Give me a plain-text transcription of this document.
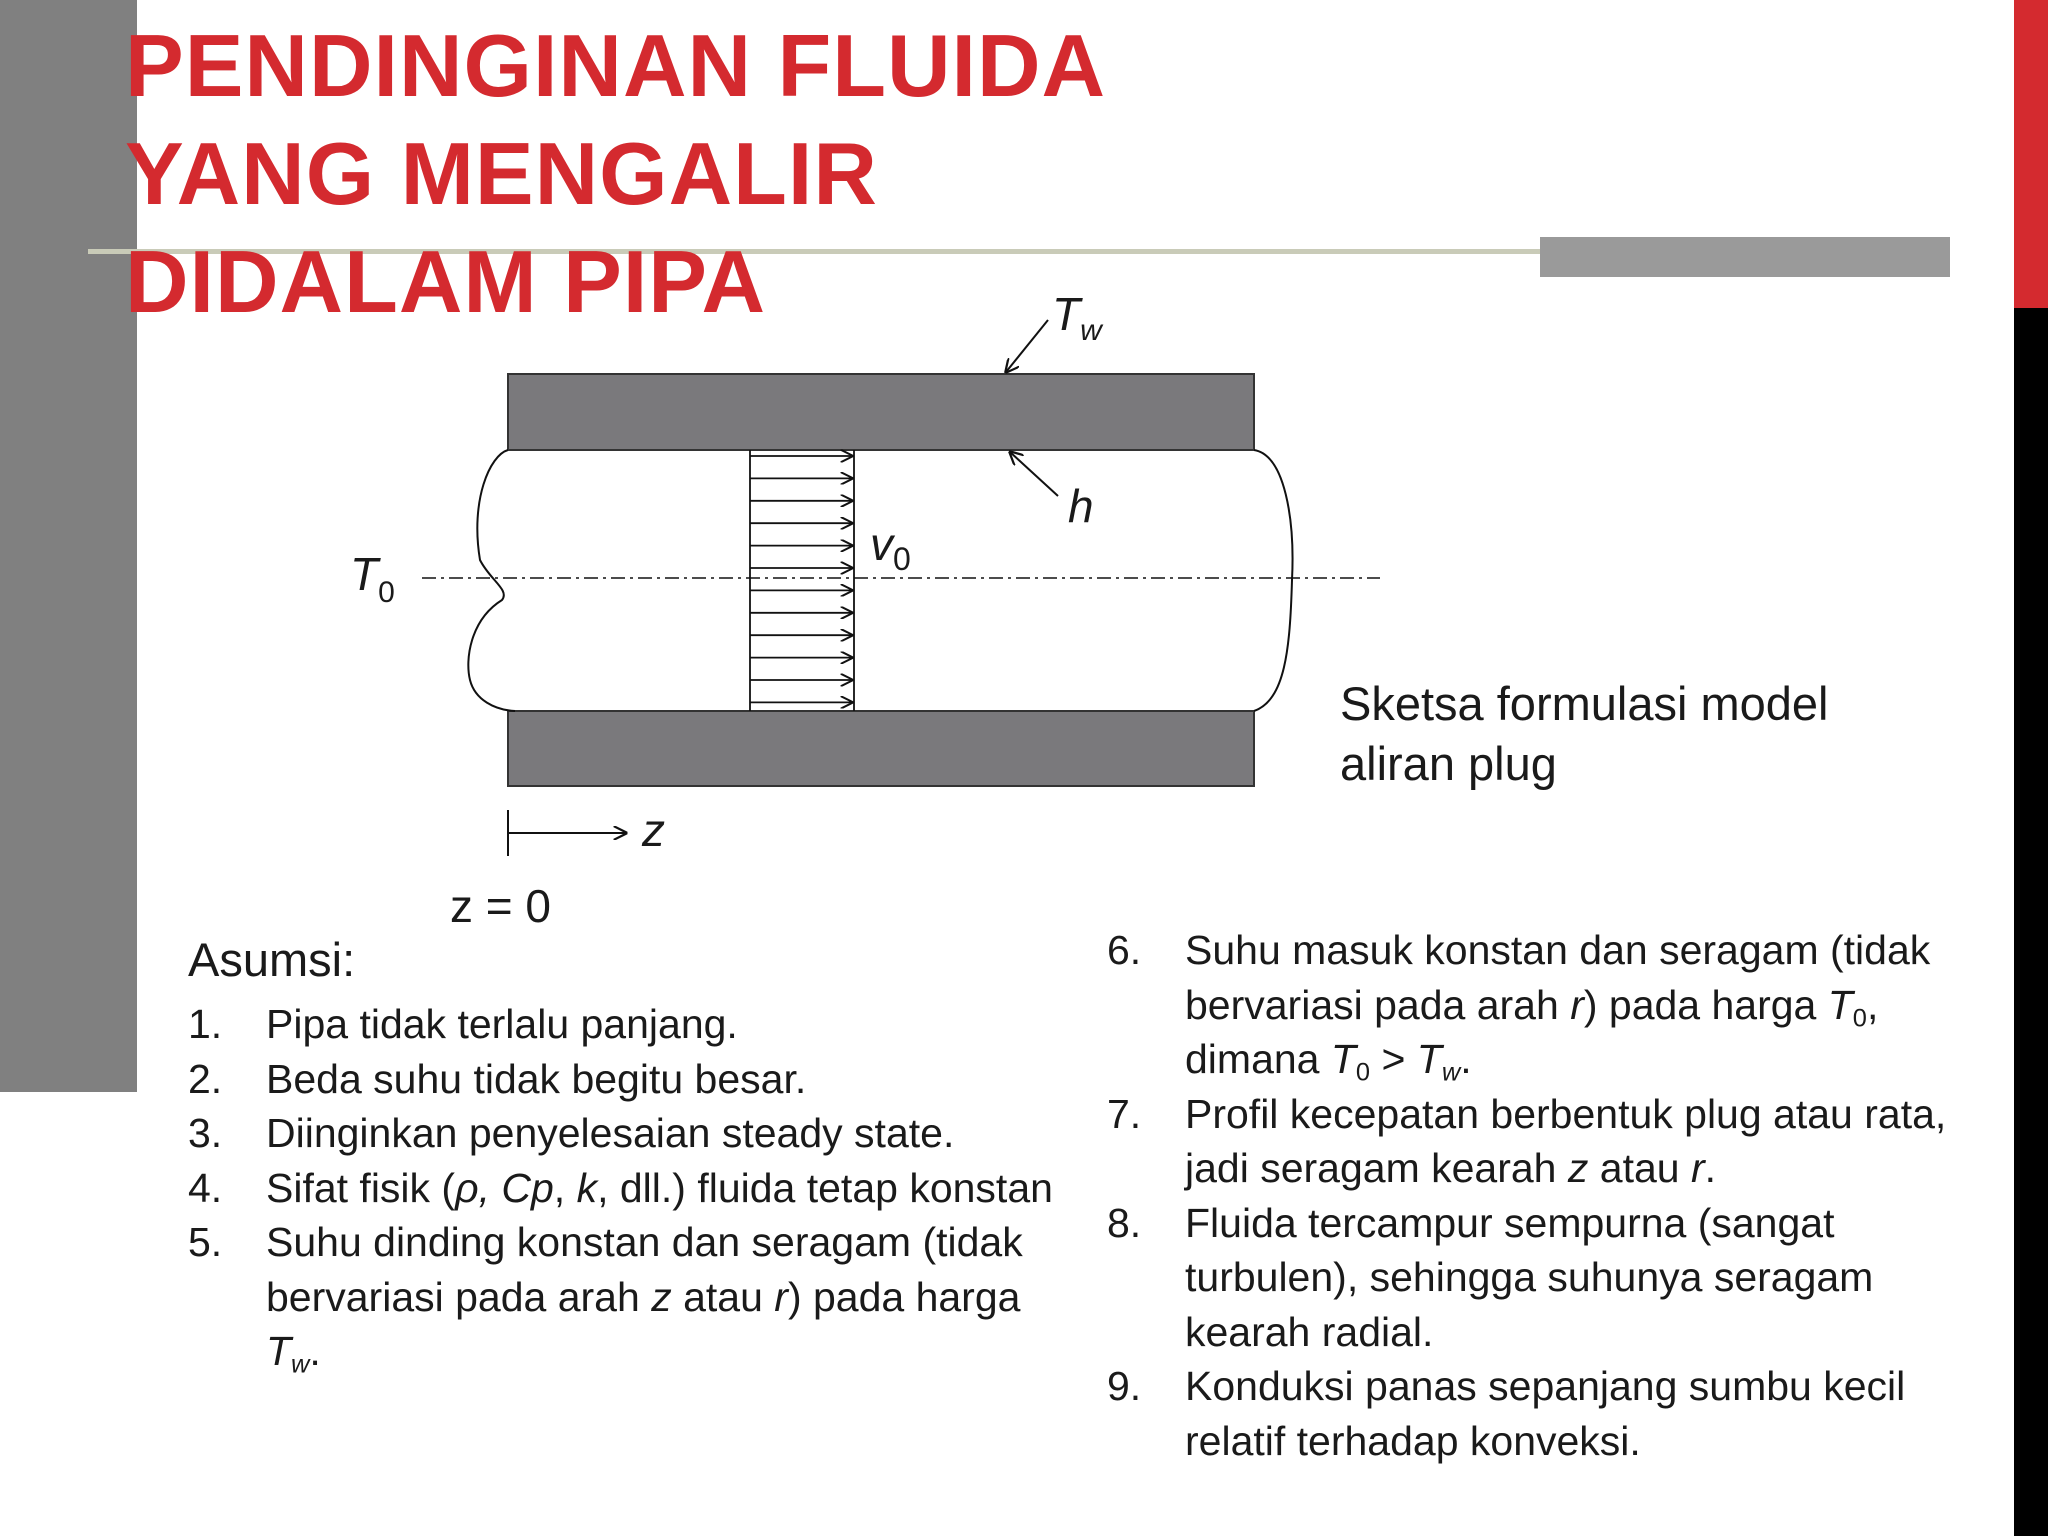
PENDINGINAN FLUIDA
YANG MENGALIR
DIDALAM PIPA	$T_w$
h
$T_0$
$v_0$
z
z = 0
Sketsa formulasi model
aliran plug
Asumsi:
1. Pipa tidak terlalu panjang.
2. Beda suhu tidak begitu besar.
3. Diinginkan penyelesaian steady state.
4. Sifat fisik (ρ, Cp, k, dll.) fluida tetap konstan
5. Suhu dinding konstan dan seragam (tidak bervariasi pada arah z atau r) pada harga $T_w$.
6. Suhu masuk konstan dan seragam (tidak bervariasi pada arah r) pada harga $T_0$, dimana $T_0 > T_w$.
7. Profil kecepatan berbentuk plug atau rata, jadi seragam kearah z atau r.
8. Fluida tercampur sempurna (sangat turbulen), sehingga suhunya seragam kearah radial.
9. Konduksi panas sepanjang sumbu kecil relatif terhadap konveksi.
